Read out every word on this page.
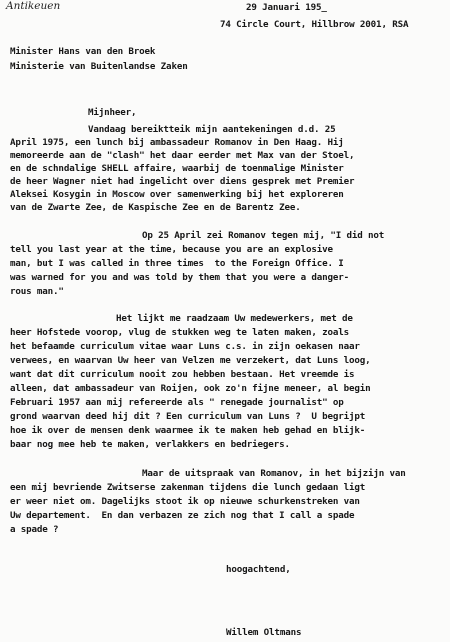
Antikeuen	29 Januari 195_
74 Circle Court, Hillbrow 2001, RSA
Minister Hans van den Broek
Ministerie van Buitenlandse Zaken
Mijnheer,
Vandaag bereiktteik mijn aantekeningen d.d. 25
April 1975, een lunch bij ambassadeur Romanov in Den Haag. Hij
memoreerde aan de "clash" het daar eerder met Max van der Stoel,
en de schndalige SHELL affaire, waarbij de toenmalige Minister
de heer Wagner niet had ingelicht over diens gesprek met Premier
Aleksei Kosygin in Moscow over samenwerking bij het exploreren
van de Zwarte Zee, de Kaspische Zee en de Barentz Zee.
Op 25 April zei Romanov tegen mij, "I did not
tell you last year at the time, because you are an explosive
man, but I was called in three times  to the Foreign Office. I
was warned for you and was told by them that you were a danger-
rous man."
Het lijkt me raadzaam Uw medewerkers, met de
heer Hofstede voorop, vlug de stukken weg te laten maken, zoals
het befaamde curriculum vitae waar Luns c.s. in zijn oekasen naar
verwees, en waarvan Uw heer van Velzen me verzekert, dat Luns loog,
want dat dit curriculum nooit zou hebben bestaan. Het vreemde is
alleen, dat ambassadeur van Roijen, ook zo'n fijne meneer, al begin
Februari 1957 aan mij refereerde als " renegade journalist" op
grond waarvan deed hij dit ? Een curriculum van Luns ?  U begrijpt
hoe ik over de mensen denk waarmee ik te maken heb gehad en blijk-
baar nog mee heb te maken, verlakkers en bedriegers.
Maar de uitspraak van Romanov, in het bijzijn van
een mij bevriende Zwitserse zakenman tijdens die lunch gedaan ligt
er weer niet om. Dagelijks stoot ik op nieuwe schurkenstreken van
Uw departement.  En dan verbazen ze zich nog that I call a spade
a spade ?
hoogachtend,
Willem Oltmans
